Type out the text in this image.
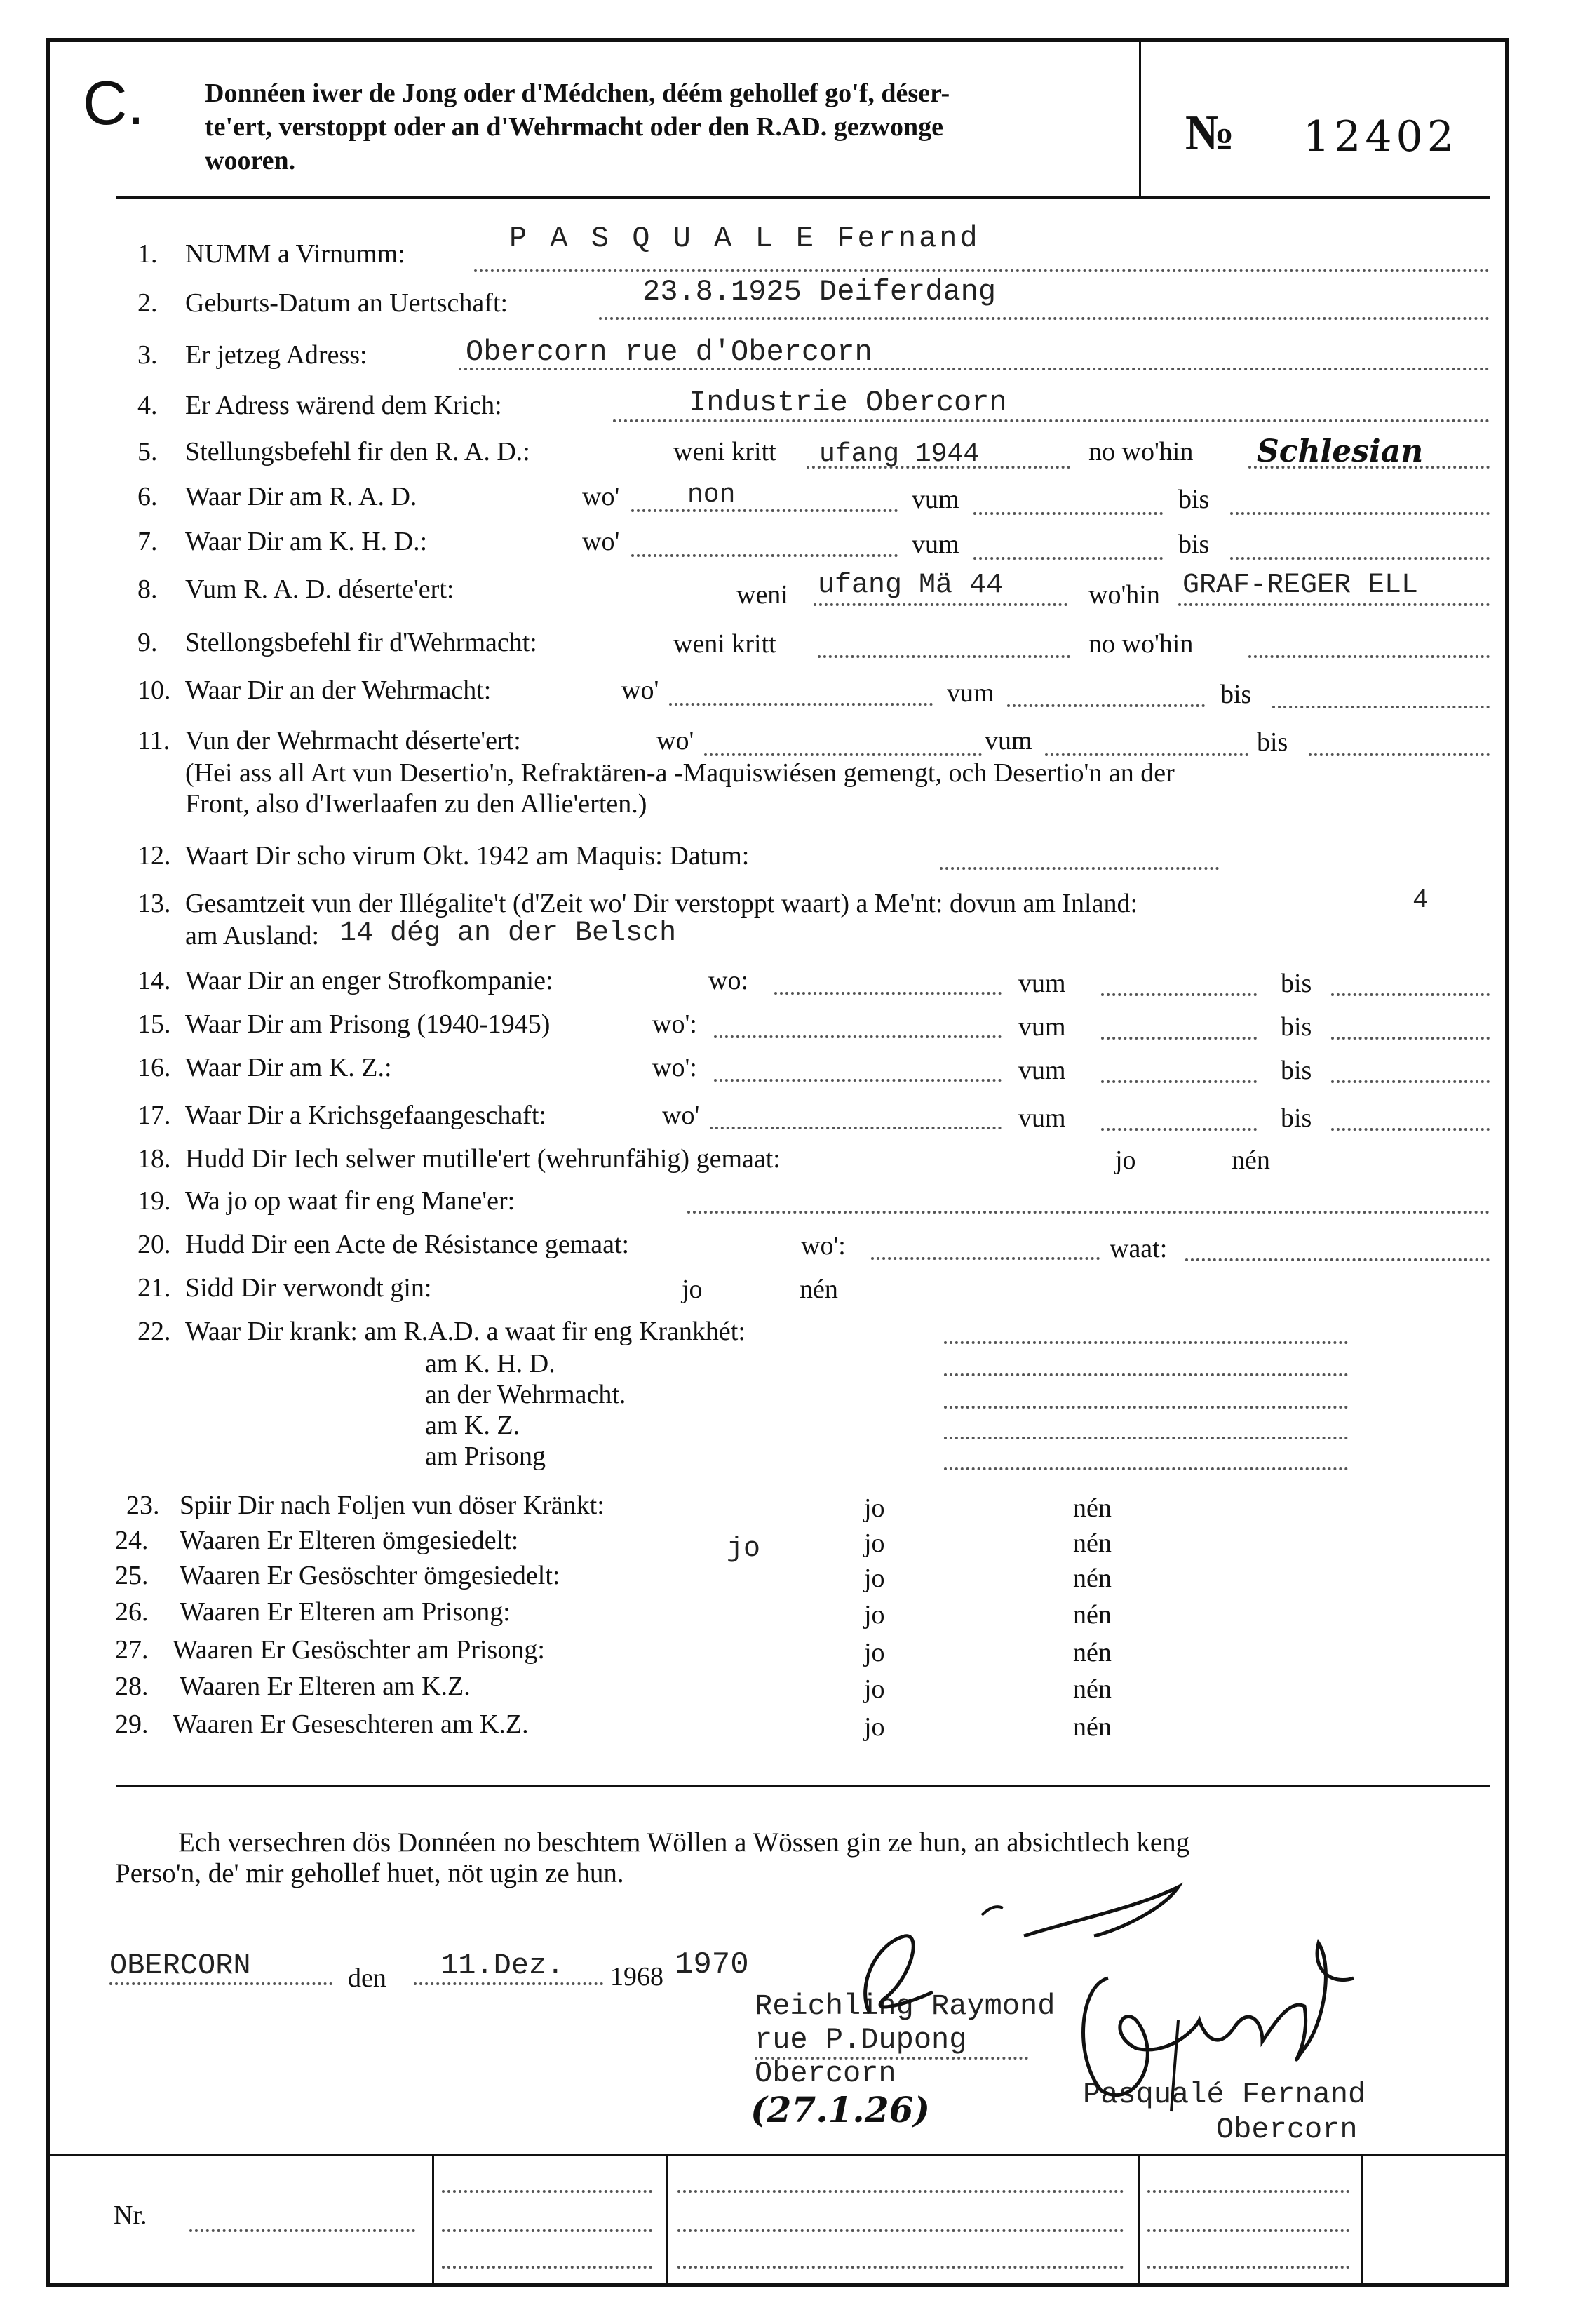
C. Donnéen iwer de Jong oder d'Médchen, déém gehollef go'f, déser-
te'ert, verstoppt oder an d'Wehrmacht oder den R.AD. gezwonge
wooren.
№ 12402
1. NUMM a Virnumm:	P A S Q U A L E Fernand
2. Geburts-Datum an Uertschaft:	23.8.1925 Deiferdang
3. Er jetzeg Adress:	Obercorn rue d'Obercorn
4. Er Adress wärend dem Krich:	Industrie Obercorn
5. Stellungsbefehl fir den R. A. D.:	weni kritt ufang 1944	no wo'hin Schlesian
6. Waar Dir am R. A. D.	wo'	non	vum	bis
7. Waar Dir am K. H. D.:	wo'	vum	bis
8. Vum R. A. D. déserte'ert:	weni ufang Mä 44	wo'hin GRAF-REGER ELL
9. Stellongsbefehl fir d'Wehrmacht:	weni kritt	no wo'hin
10. Waar Dir an der Wehrmacht:	wo'	vum	bis
11. Vun der Wehrmacht déserte'ert:	wo'	vum	bis
(Hei ass all Art vun Desertio'n, Refraktären-a -Maquiswiésen gemengt, och Desertio'n an der
Front, also d'Iwerlaafen zu den Allie'erten.)
12. Waart Dir scho virum Okt. 1942 am Maquis: Datum:
13. Gesamtzeit vun der Illégalite't (d'Zeit wo' Dir verstoppt waart) a Me'nt: dovun am Inland:	4
am Ausland: 14 dég an der Belsch
14. Waar Dir an enger Strofkompanie:	wo:	vum	bis
15. Waar Dir am Prisong (1940-1945)	wo':	vum	bis
16. Waar Dir am K. Z.:	wo':	vum	bis
17. Waar Dir a Krichsgefaangeschaft:	wo'	vum	bis
18. Hudd Dir Iech selwer mutille'ert (wehrunfähig) gemaat:	jo	nén
19. Wa jo op waat fir eng Mane'er:
20. Hudd Dir een Acte de Résistance gemaat:	wo':	waat:
21. Sidd Dir verwondt gin:	jo	nén
22. Waar Dir krank: am R.A.D. a waat fir eng Krankhét:
am K. H. D.
an der Wehrmacht.
am K. Z.
am Prisong
23. Spiir Dir nach Foljen vun döser Kränkt:	jo	nén
24. Waaren Er Elteren ömgesiedelt:	jo	jo	nén
25. Waaren Er Gesöschter ömgesiedelt:	jo	nén
26. Waaren Er Elteren am Prisong:	jo	nén
27. Waaren Er Gesöschter am Prisong:	jo	nén
28. Waaren Er Elteren am K.Z.	jo	nén
29. Waaren Er Geseschteren am K.Z.	jo	nén
Ech versechren dös Donnéen no beschtem Wöllen a Wössen gin ze hun, an absichtlech keng
Perso'n, de' mir gehollef huet, nöt ugin ze hun.
OBERCORN	den 11.Dez. 1968 1970
Reichling Raymond
rue P.Dupong
Obercorn
(27.1.26)	Pasqualé Fernand
Obercorn
Nr.
